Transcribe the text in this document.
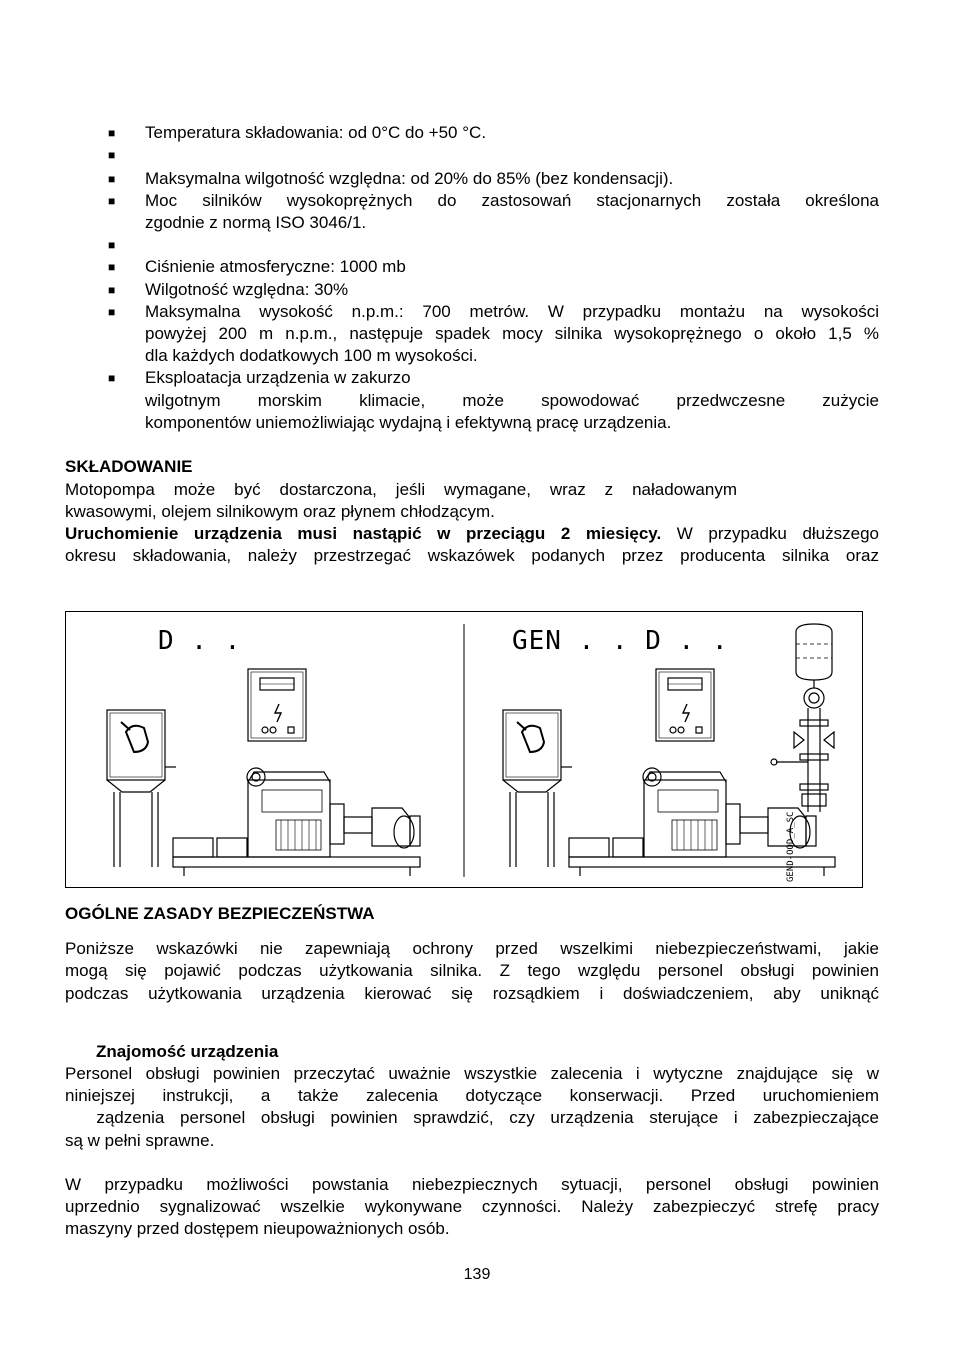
■ Temperatura składowania: od 0°C do +50 °C.
■
■ Maksymalna wilgotność względna: od 20% do 85% (bez kondensacji).
■ Moc silników wysokoprężnych do zastosowań stacjonarnych została określona
zgodnie z normą ISO 3046/1.
■
■ Ciśnienie atmosferyczne: 1000 mb
■ Wilgotność względna: 30%
■ Maksymalna wysokość n.p.m.: 700 metrów. W przypadku montażu na wysokości
powyżej 200 m n.p.m., następuje spadek mocy silnika wysokoprężnego o około 1,5 %
dla każdych dodatkowych 100 m wysokości.
■ Eksploatacja urządzenia w zakurzo
wilgotnym morskim klimacie, może spowodować przedwczesne zużycie
komponentów uniemożliwiając wydajną i efektywną pracę urządzenia.
SKŁADOWANIE
Motopompa może być dostarczona, jeśli wymagane, wraz z naładowanym
kwasowymi, olejem silnikowym oraz płynem chłodzącym.
Uruchomienie urządzenia musi nastąpić w przeciągu 2 miesięcy. W przypadku dłuższego
okresu składowania, należy przestrzegać wskazówek podanych przez producenta silnika oraz
D . .	GEN . . D . .
GEND-OOD_A_SC
OGÓLNE ZASADY BEZPIECZEŃSTWA
Poniższe wskazówki nie zapewniają ochrony przed wszelkimi niebezpieczeństwami, jakie
mogą się pojawić podczas użytkowania silnika. Z tego względu personel obsługi powinien
podczas użytkowania urządzenia kierować się rozsądkiem i doświadczeniem, aby uniknąć
Znajomość urządzenia
Personel obsługi powinien przeczytać uważnie wszystkie zalecenia i wytyczne znajdujące się w
niniejszej instrukcji, a także zalecenia dotyczące konserwacji. Przed uruchomieniem
ządzenia personel obsługi powinien sprawdzić, czy urządzenia sterujące i zabezpieczające
są w pełni sprawne.
W przypadku możliwości powstania niebezpiecznych sytuacji, personel obsługi powinien
uprzednio sygnalizować wszelkie wykonywane czynności. Należy zabezpieczyć strefę pracy
maszyny przed dostępem nieupoważnionych osób.
139
